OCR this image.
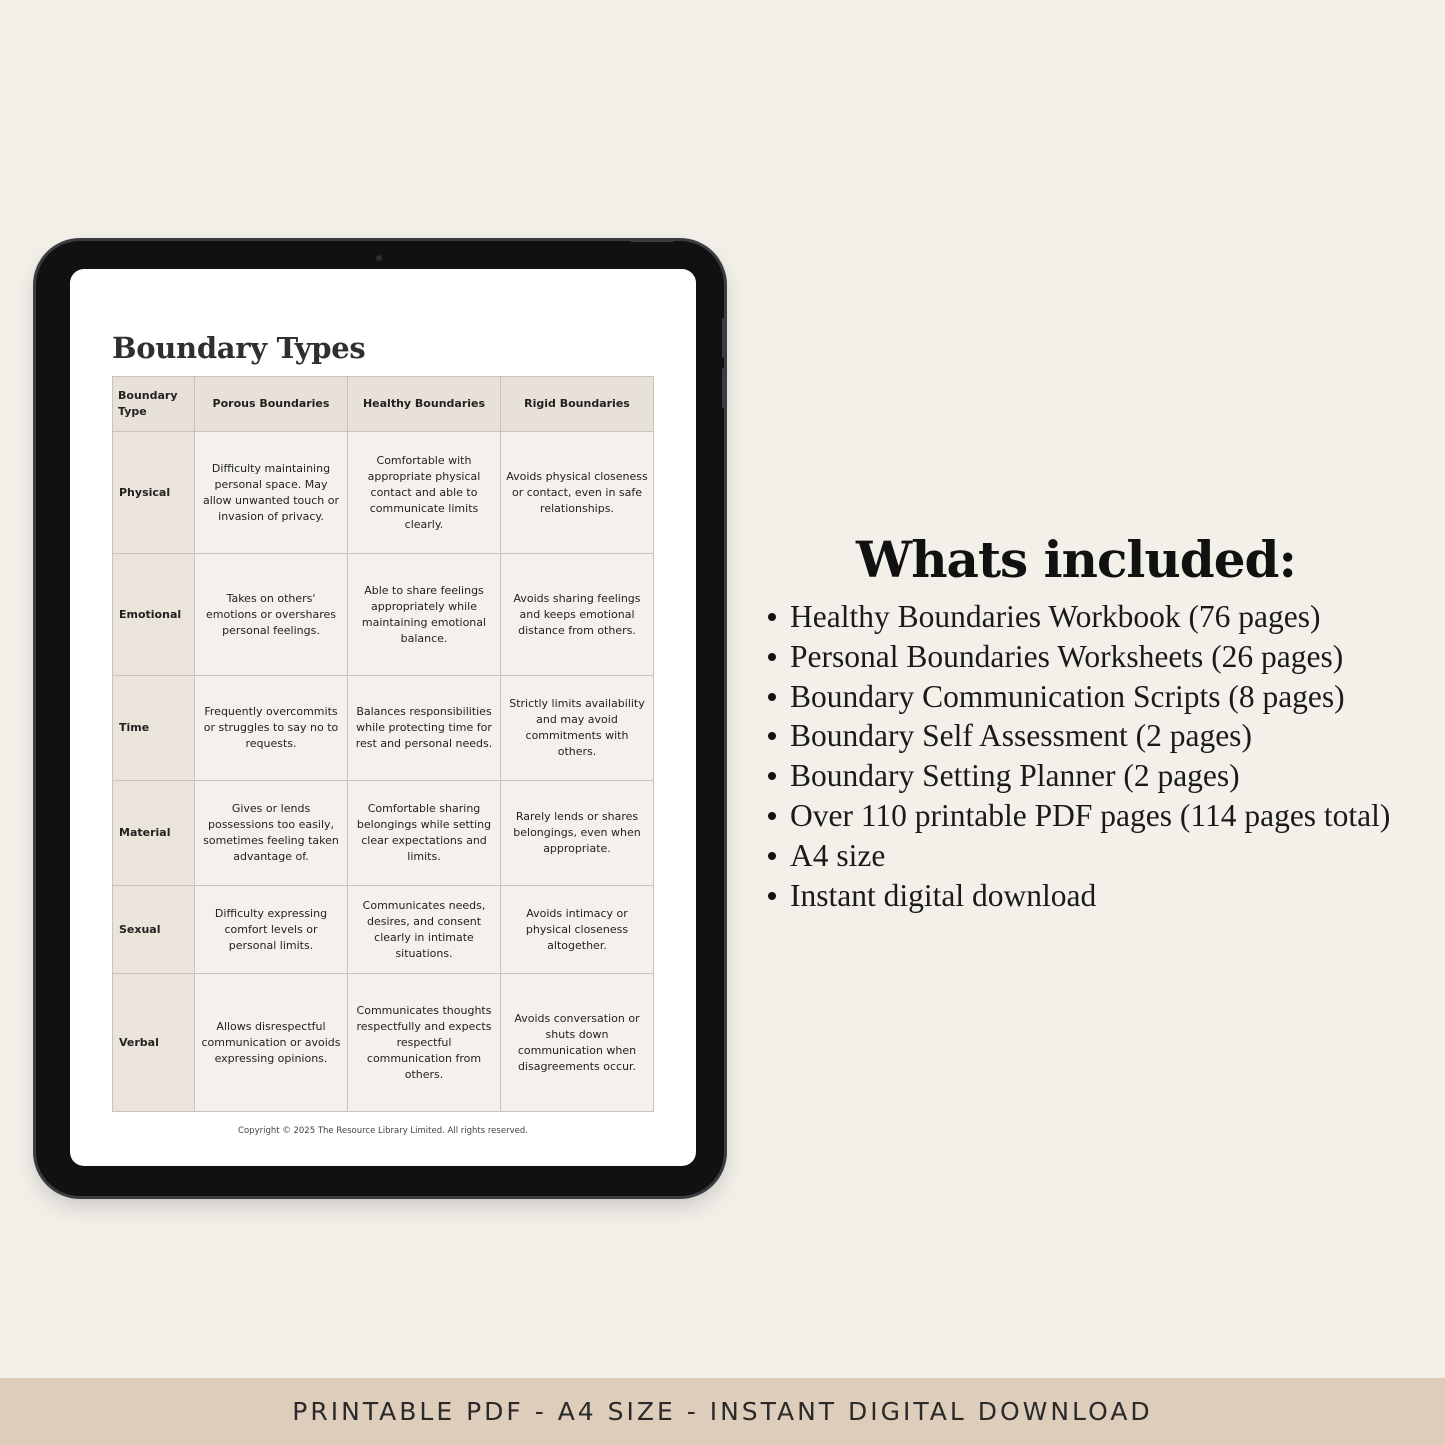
Boundary Types
Boundary Type	Porous Boundaries	Healthy Boundaries	Rigid Boundaries
Physical	Difficulty maintaining personal space. May allow unwanted touch or invasion of privacy.	Comfortable with appropriate physical contact and able to communicate limits clearly.	Avoids physical closeness or contact, even in safe relationships.
Emotional	Takes on others' emotions or overshares personal feelings.	Able to share feelings appropriately while maintaining emotional balance.	Avoids sharing feelings and keeps emotional distance from others.
Time	Frequently overcommits or struggles to say no to requests.	Balances responsibilities while protecting time for rest and personal needs.	Strictly limits availability and may avoid commitments with others.
Material	Gives or lends possessions too easily, sometimes feeling taken advantage of.	Comfortable sharing belongings while setting clear expectations and limits.	Rarely lends or shares belongings, even when appropriate.
Sexual	Difficulty expressing comfort levels or personal limits.	Communicates needs, desires, and consent clearly in intimate situations.	Avoids intimacy or physical closeness altogether.
Verbal	Allows disrespectful communication or avoids expressing opinions.	Communicates thoughts respectfully and expects respectful communication from others.	Avoids conversation or shuts down communication when disagreements occur.
Copyright © 2025 The Resource Library Limited. All rights reserved.
Whats included:
Healthy Boundaries Workbook (76 pages)
Personal Boundaries Worksheets (26 pages)
Boundary Communication Scripts (8 pages)
Boundary Self Assessment (2 pages)
Boundary Setting Planner (2 pages)
Over 110 printable PDF pages (114 pages total)
A4 size
Instant digital download
PRINTABLE PDF - A4 SIZE - INSTANT DIGITAL DOWNLOAD
